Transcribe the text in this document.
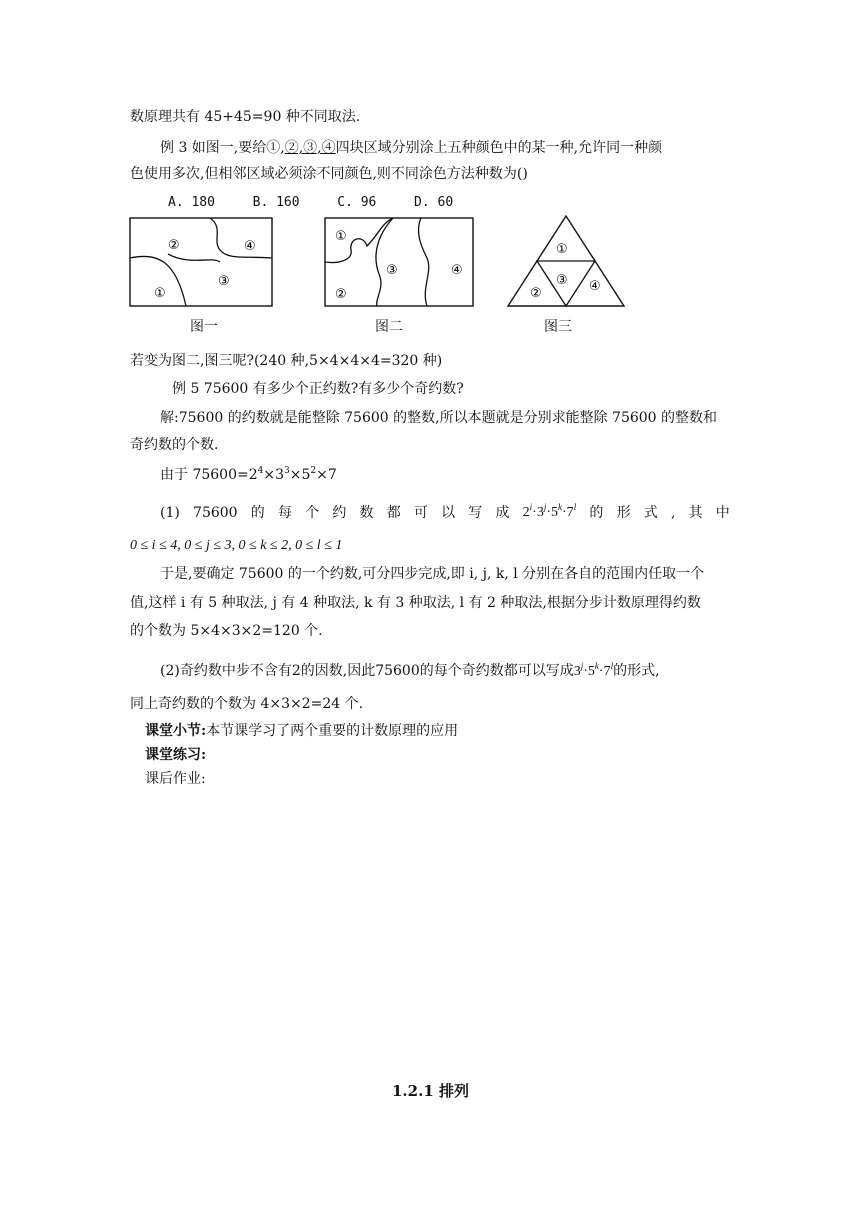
数原理共有 45+45=90 种不同取法.
例 3 如图一,要给①,②,③,④四块区域分别涂上五种颜色中的某一种,允许同一种颜
色使用多次,但相邻区域必须涂不同颜色,则不同涂色方法种数为()
A. 180	B. 160	C. 96	D. 60
②	④
③
①
图一
①
③	④
②
图二
①
③
②	④
图三
若变为图二,图三呢?(240 种,5×4×4×4=320 种)
例 5 75600 有多少个正约数?有多少个奇约数?
解:75600 的约数就是能整除 75600 的整数,所以本题就是分别求能整除 75600 的整数和
奇约数的个数.
由于 $75600=2^4\times 3^3\times 5^2\times 7$
(1) 75600 的 每 个 约 数 都 可 以 写 成 $2^i\cdot 3^j\cdot 5^k\cdot 7^l$ 的 形 式 , 其 中
0 ≤ i ≤ 4, 0 ≤ j ≤ 3, 0 ≤ k ≤ 2, 0 ≤ l ≤ 1
于是,要确定 75600 的一个约数,可分四步完成,即 i, j, k, l 分别在各自的范围内任取一个
值,这样 i 有 5 种取法, j 有 4 种取法, k 有 3 种取法, l 有 2 种取法,根据分步计数原理得约数
的个数为 5×4×3×2=120 个.
(2)奇约数中步不含有2的因数,因此75600的每个奇约数都可以写成$3^j\cdot 5^k\cdot 7^l$的形式,
同上奇约数的个数为 4×3×2=24 个.
课堂小节:本节课学习了两个重要的计数原理的应用
课堂练习:
课后作业:
1.2.1 排列
